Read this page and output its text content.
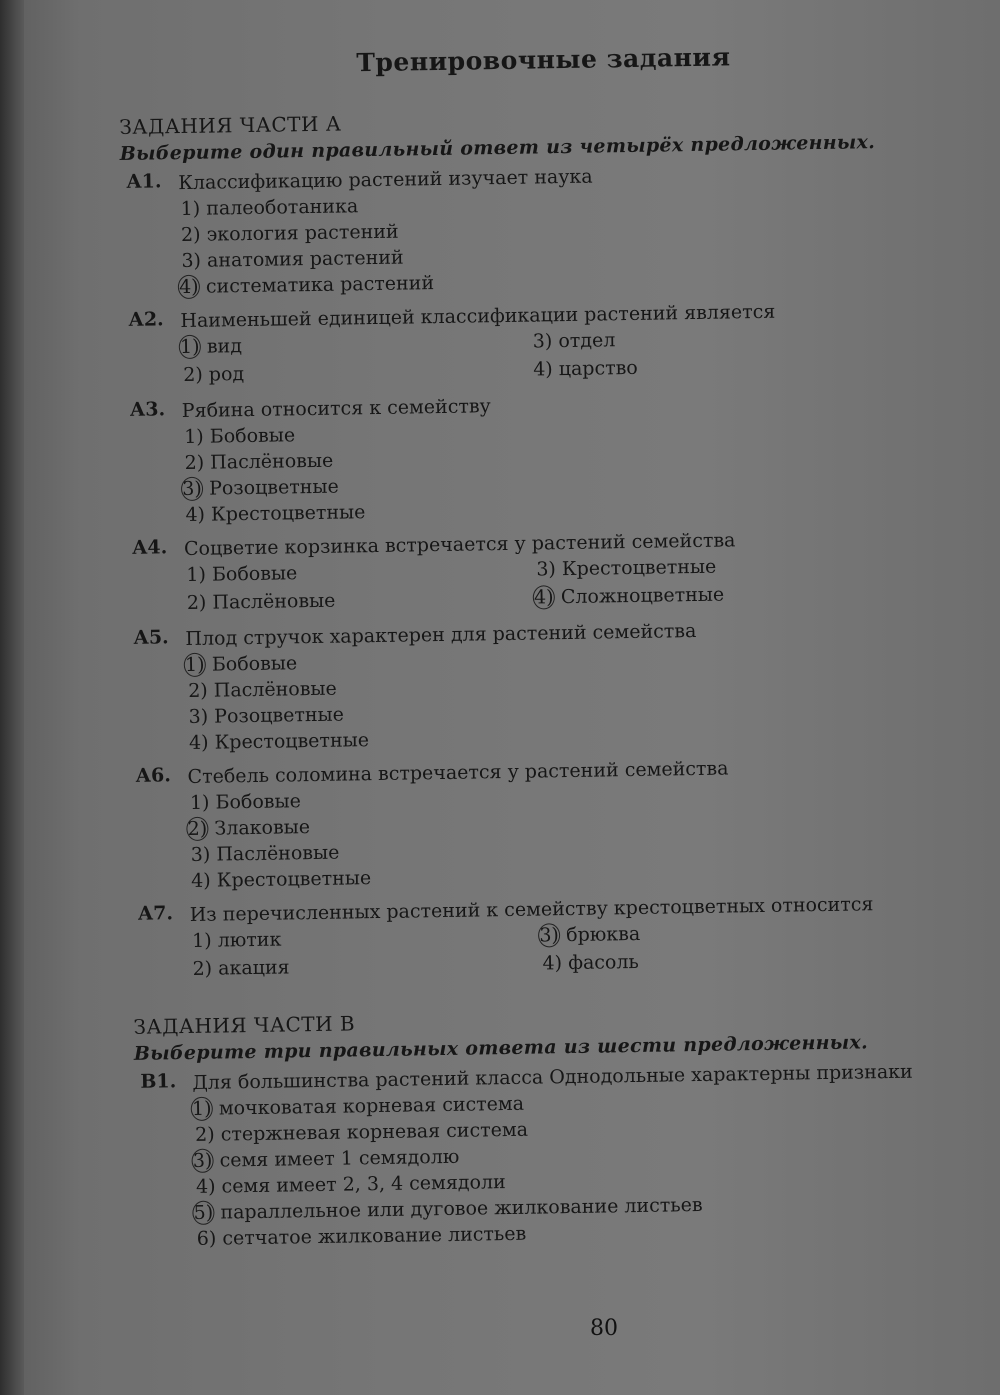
Тренировочные задания
ЗАДАНИЯ ЧАСТИ А
Выберите один правильный ответ из четырёх предложенных.
А1. Классификацию растений изучает наука
1) палеоботаника
2) экология растений
3) анатомия растений
4) систематика растений
А2. Наименьшей единицей классификации растений является
1) вид
2) род
3) отдел
4) царство
А3. Рябина относится к семейству
1) Бобовые
2) Паслёновые
3) Розоцветные
4) Крестоцветные
А4. Соцветие корзинка встречается у растений семейства
1) Бобовые
2) Паслёновые
3) Крестоцветные
4) Сложноцветные
А5. Плод стручок характерен для растений семейства
1) Бобовые
2) Паслёновые
3) Розоцветные
4) Крестоцветные
А6. Стебель соломина встречается у растений семейства
1) Бобовые
2) Злаковые
3) Паслёновые
4) Крестоцветные
А7. Из перечисленных растений к семейству крестоцветных относится
1) лютик
2) акация
3) брюква
4) фасоль
ЗАДАНИЯ ЧАСТИ В
Выберите три правильных ответа из шести предложенных.
В1. Для большинства растений класса Однодольные характерны признаки
1) мочковатая корневая система
2) стержневая корневая система
3) семя имеет 1 семядолю
4) семя имеет 2, 3, 4 семядоли
5) параллельное или дуговое жилкование листьев
6) сетчатое жилкование листьев
80
